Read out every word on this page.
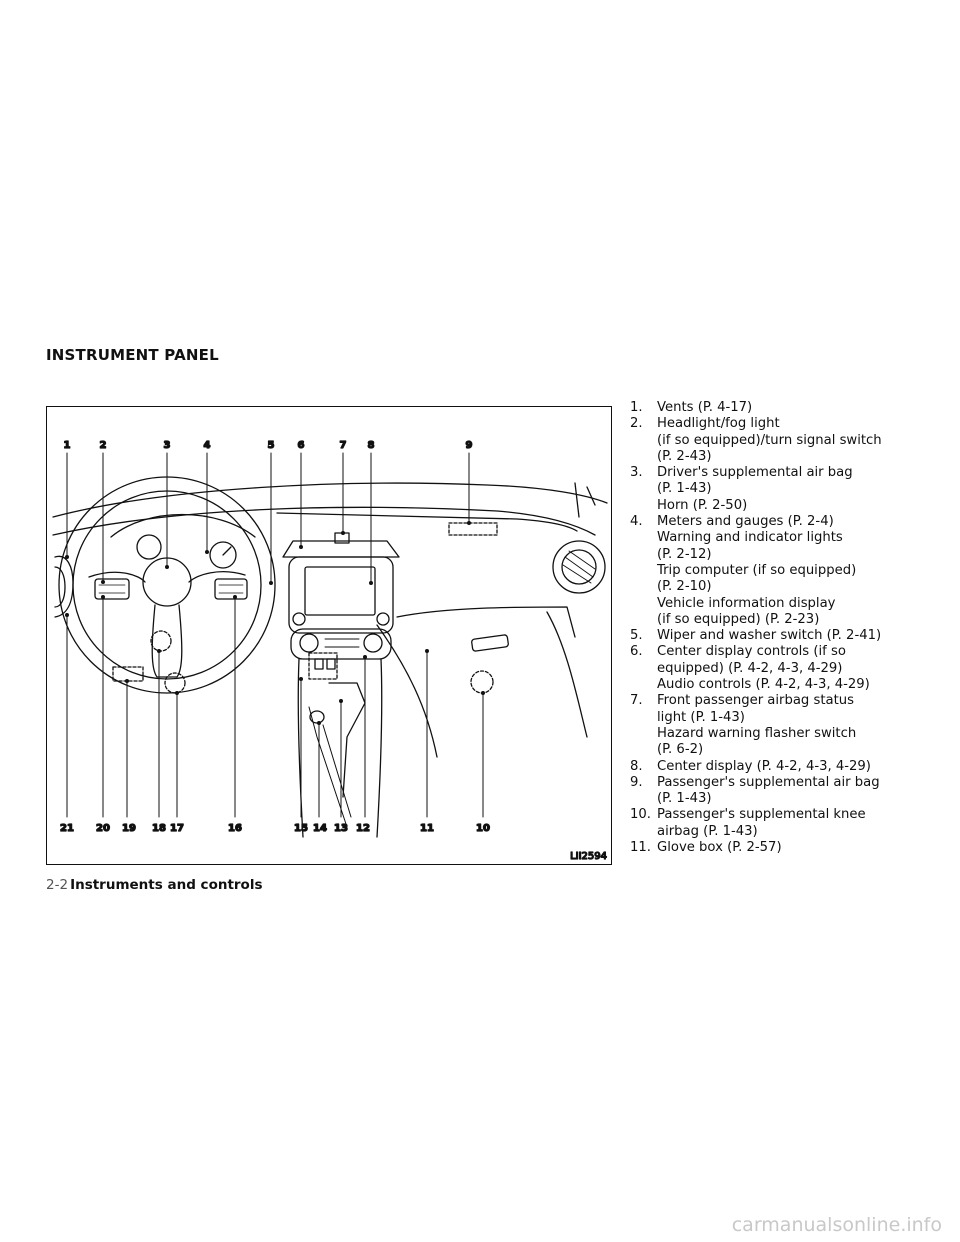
INSTRUMENT PANEL
1	2	3	4	5 6	7 8	9
21 20 19 18 17	16	15 14 13 12	11	10
LII2594
1. Vents (P. 4-17)
2. Headlight/fog light
(if so equipped)/turn signal switch
(P. 2-43)
3. Driver's supplemental air bag
(P. 1-43)
Horn (P. 2-50)
4. Meters and gauges (P. 2-4)
Warning and indicator lights
(P. 2-12)
Trip computer (if so equipped)
(P. 2-10)
Vehicle information display
(if so equipped) (P. 2-23)
5. Wiper and washer switch (P. 2-41)
6. Center display controls (if so
equipped) (P. 4-2, 4-3, 4-29)
Audio controls (P. 4-2, 4-3, 4-29)
7. Front passenger airbag status
light (P. 1-43)
Hazard warning flasher switch
(P. 6-2)
8. Center display (P. 4-2, 4-3, 4-29)
9. Passenger's supplemental air bag
(P. 1-43)
10. Passenger's supplemental knee
airbag (P. 1-43)
11. Glove box (P. 2-57)
2-2 Instruments and controls
carmanualsonline.info
